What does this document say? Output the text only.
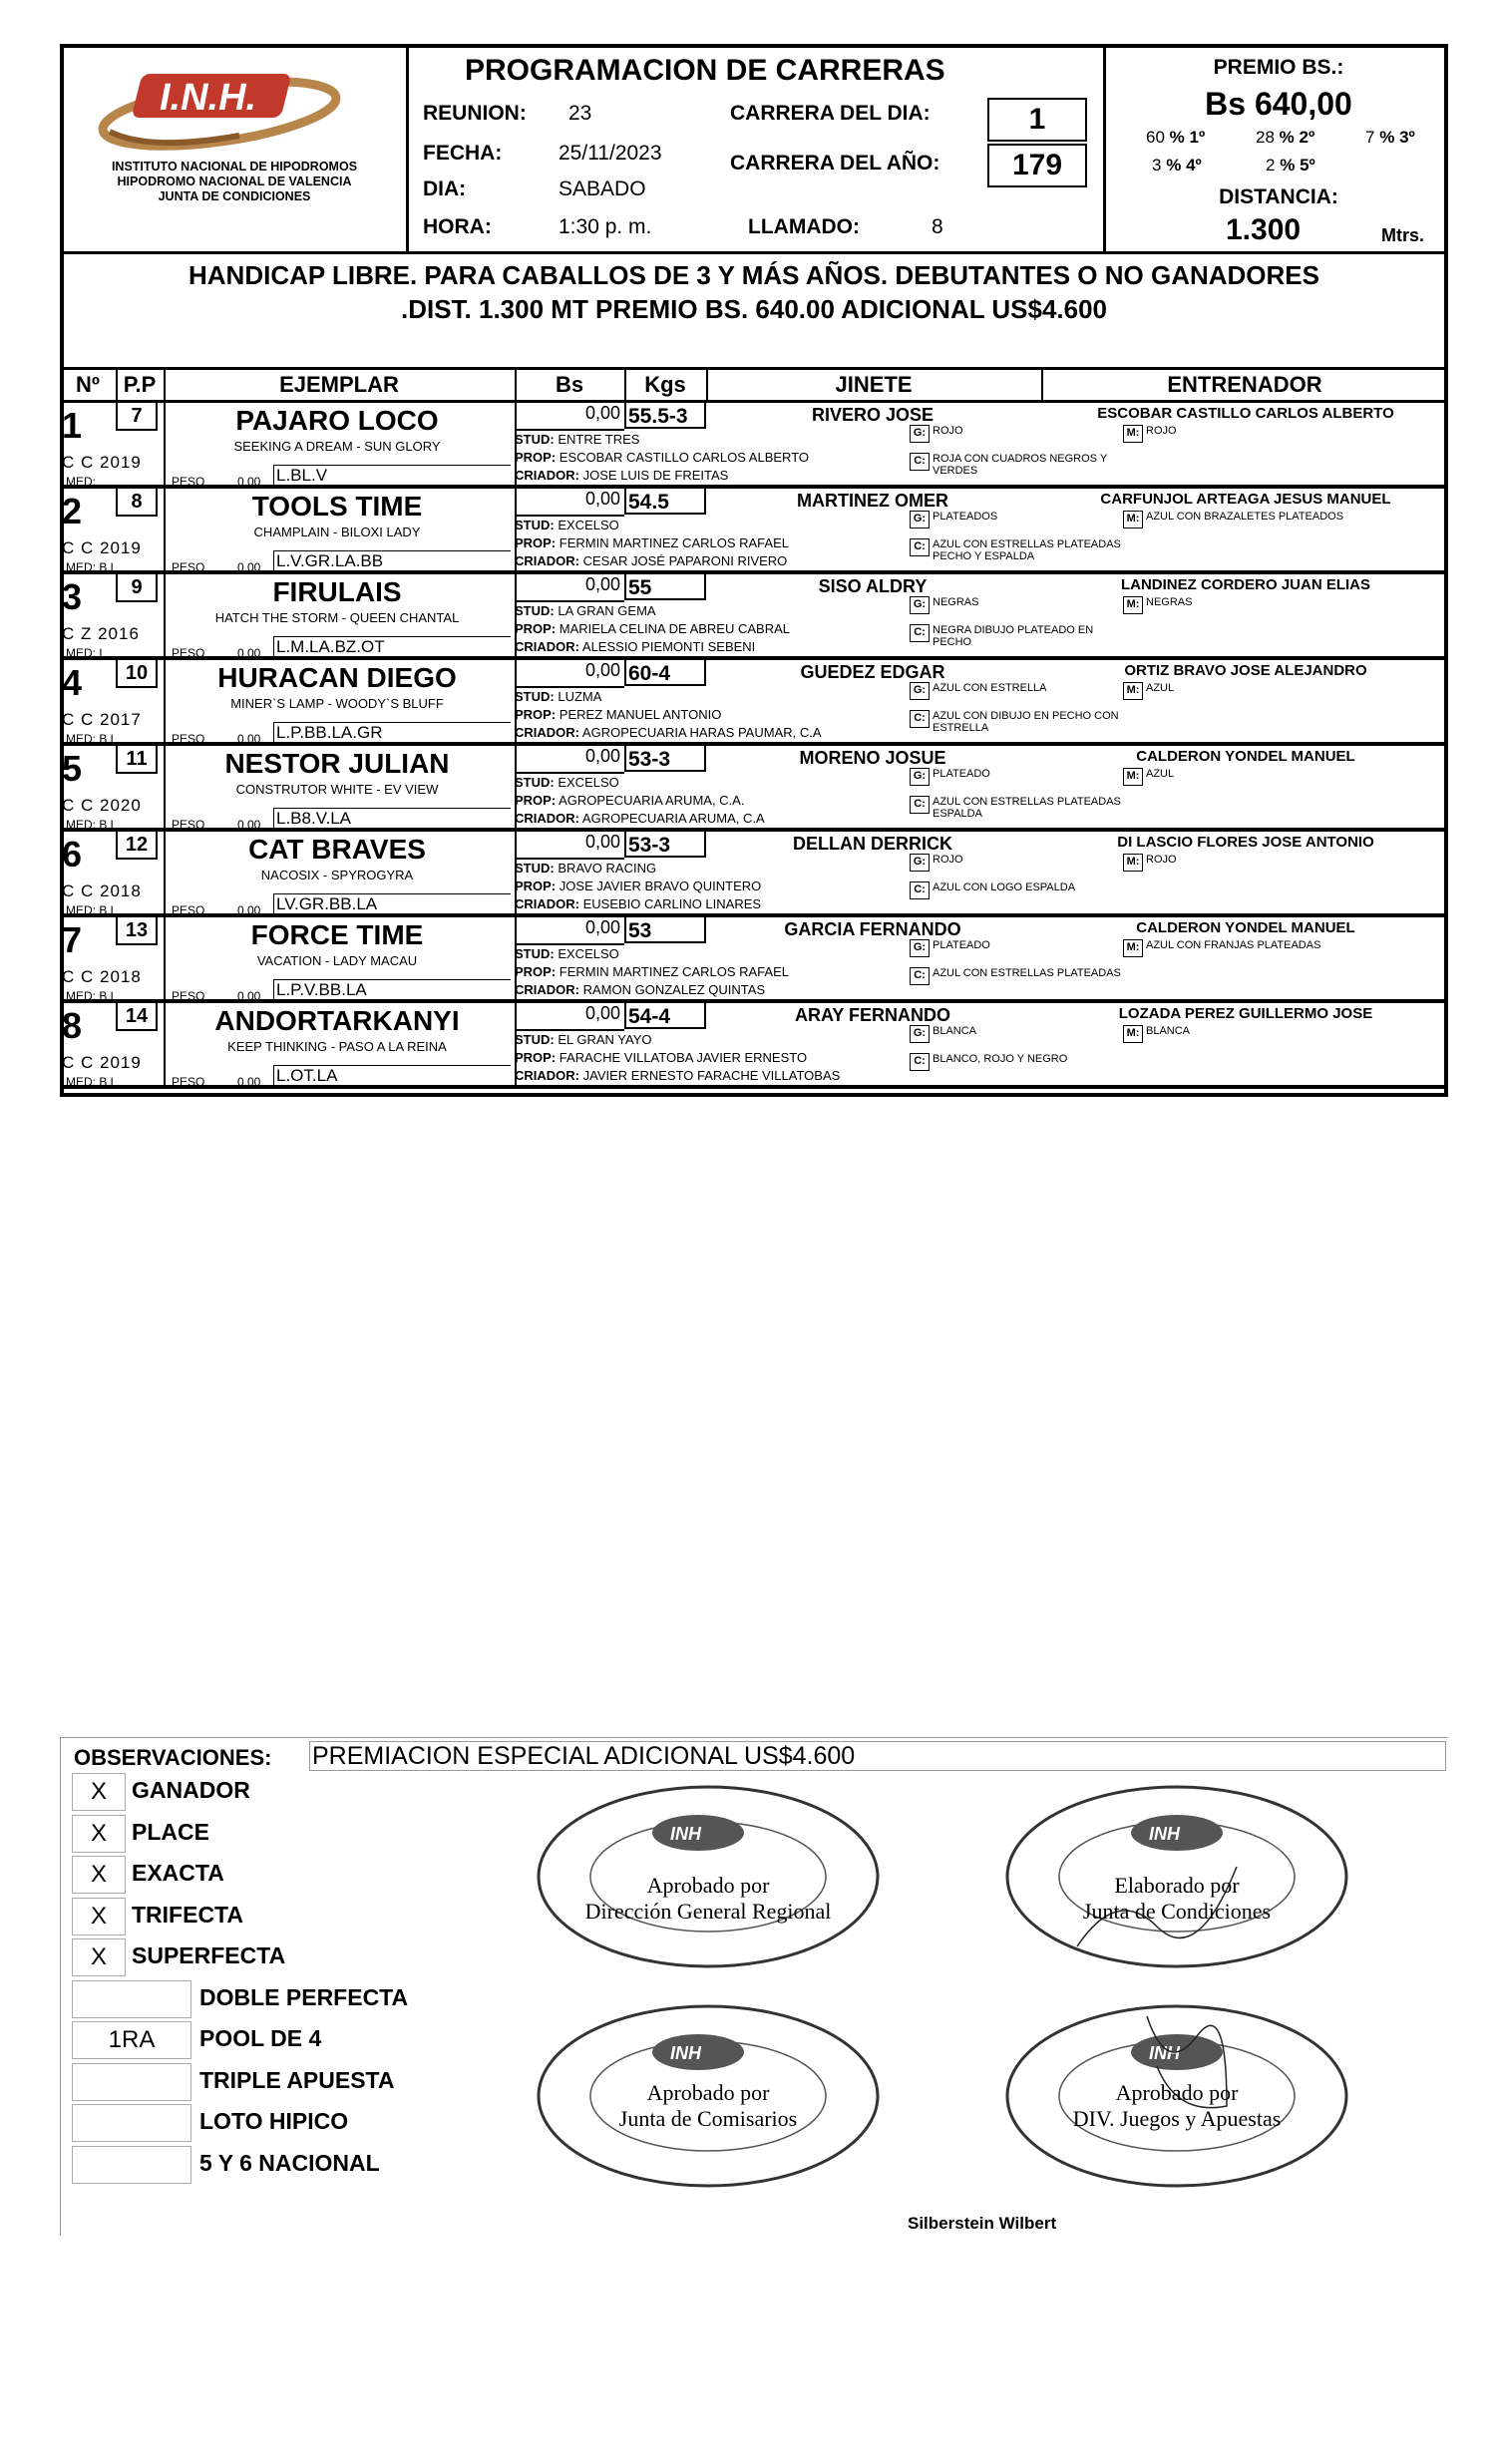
I.N.H.
INSTITUTO NACIONAL DE HIPODROMOS
HIPODROMO NACIONAL DE VALENCIA
JUNTA DE CONDICIONES
PROGRAMACION DE CARRERAS
REUNION: 23
FECHA:	25/11/2023
DIA:	SABADO
HORA:	1:30 p. m.
CARRERA DEL DIA:	1
CARRERA DEL AÑO:	179
LLAMADO:	8
PREMIO BS.:
Bs 640,00
60 % 1º	28 % 2º	7 % 3º
3 % 4º	2 % 5º
DISTANCIA:
1.300	Mtrs.
HANDICAP LIBRE. PARA CABALLOS DE 3 Y MÁS AÑOS. DEBUTANTES O NO GANADORES
.DIST. 1.300 MT PREMIO BS. 640.00 ADICIONAL US$4.600
Nº	P.P	EJEMPLAR	Bs	Kgs	JINETE	ENTRENADOR
1	7
C C 2019
MED:
PAJARO LOCO
SEEKING A DREAM - SUN GLORY
PESO	0,00 L.BL.V
0,00 55.5-3	RIVERO JOSE	ESCOBAR CASTILLO CARLOS ALBERTO
STUD: ENTRE TRES
PROP: ESCOBAR CASTILLO CARLOS ALBERTO
CRIADOR: JOSE LUIS DE FREITAS
G: ROJO
C: ROJA CON CUADROS NEGROS Y VERDES
M: ROJO
2	8
C C 2019
MED: B.L
TOOLS TIME
CHAMPLAIN - BILOXI LADY
PESO	0,00 L.V.GR.LA.BB
0,00 54.5	MARTINEZ OMER	CARFUNJOL ARTEAGA JESUS MANUEL
STUD: EXCELSO
PROP: FERMIN MARTINEZ CARLOS RAFAEL
CRIADOR: CESAR JOSÉ PAPARONI RIVERO
G: PLATEADOS
C: AZUL CON ESTRELLAS PLATEADAS PECHO Y ESPALDA
M: AZUL CON BRAZALETES PLATEADOS
3	9
C Z 2016
MED: L
FIRULAIS
HATCH THE STORM - QUEEN CHANTAL
PESO	0,00 L.M.LA.BZ.OT
0,00 55	SISO ALDRY	LANDINEZ CORDERO JUAN ELIAS
STUD: LA GRAN GEMA
PROP: MARIELA CELINA DE ABREU CABRAL
CRIADOR: ALESSIO PIEMONTI SEBENI
G: NEGRAS
C: NEGRA DIBUJO PLATEADO EN PECHO
M: NEGRAS
4	10
C C 2017
MED: B.L
HURACAN DIEGO
MINER`S LAMP - WOODY`S BLUFF
PESO	0,00 L.P.BB.LA.GR
0,00 60-4	GUEDEZ EDGAR	ORTIZ BRAVO JOSE ALEJANDRO
STUD: LUZMA
PROP: PEREZ MANUEL ANTONIO
CRIADOR: AGROPECUARIA HARAS PAUMAR, C.A
G: AZUL CON ESTRELLA
C: AZUL CON DIBUJO EN PECHO CON ESTRELLA
M: AZUL
5	11
C C 2020
MED: B.L
NESTOR JULIAN
CONSTRUTOR WHITE - EV VIEW
PESO	0,00 L.B8.V.LA
0,00 53-3	MORENO JOSUE	CALDERON YONDEL MANUEL
STUD: EXCELSO
PROP: AGROPECUARIA ARUMA, C.A.
CRIADOR: AGROPECUARIA ARUMA, C.A
G: PLATEADO
C: AZUL CON ESTRELLAS PLATEADAS ESPALDA
M: AZUL
6	12
C C 2018
MED: B.L
CAT BRAVES
NACOSIX - SPYROGYRA
PESO	0,00 LV.GR.BB.LA
0,00 53-3	DELLAN DERRICK	DI LASCIO FLORES JOSE ANTONIO
STUD: BRAVO RACING
PROP: JOSE JAVIER BRAVO QUINTERO
CRIADOR: EUSEBIO CARLINO LINARES
G: ROJO
C: AZUL CON LOGO ESPALDA
M: ROJO
7	13
C C 2018
MED: B.L
FORCE TIME
VACATION - LADY MACAU
PESO	0,00 L.P.V.BB.LA
0,00 53	GARCIA FERNANDO	CALDERON YONDEL MANUEL
STUD: EXCELSO
PROP: FERMIN MARTINEZ CARLOS RAFAEL
CRIADOR: RAMON GONZALEZ QUINTAS
G: PLATEADO
C: AZUL CON ESTRELLAS PLATEADAS
M: AZUL CON FRANJAS PLATEADAS
8	14
C C 2019
MED: B.L
ANDORTARKANYI
KEEP THINKING - PASO A LA REINA
PESO	0,00 L.OT.LA
0,00 54-4	ARAY FERNANDO	LOZADA PEREZ GUILLERMO JOSE
STUD: EL GRAN YAYO
PROP: FARACHE VILLATOBA JAVIER ERNESTO
CRIADOR: JAVIER ERNESTO FARACHE VILLATOBAS
G: BLANCA
C: BLANCO, ROJO Y NEGRO
M: BLANCA
OBSERVACIONES: PREMIACION ESPECIAL ADICIONAL US$4.600
X	GANADOR
X	PLACE
X	EXACTA
X	TRIFECTA
X	SUPERFECTA
DOBLE PERFECTA
1RA	POOL DE 4
TRIPLE APUESTA
LOTO HIPICO
5 Y 6 NACIONAL
INH
Aprobado por
Dirección General Regional
INH
Elaborado por
Junta de Condiciones
INH
Aprobado por
Junta de Comisarios
INH
Aprobado por
DIV. Juegos y Apuestas
Silberstein Wilbert
